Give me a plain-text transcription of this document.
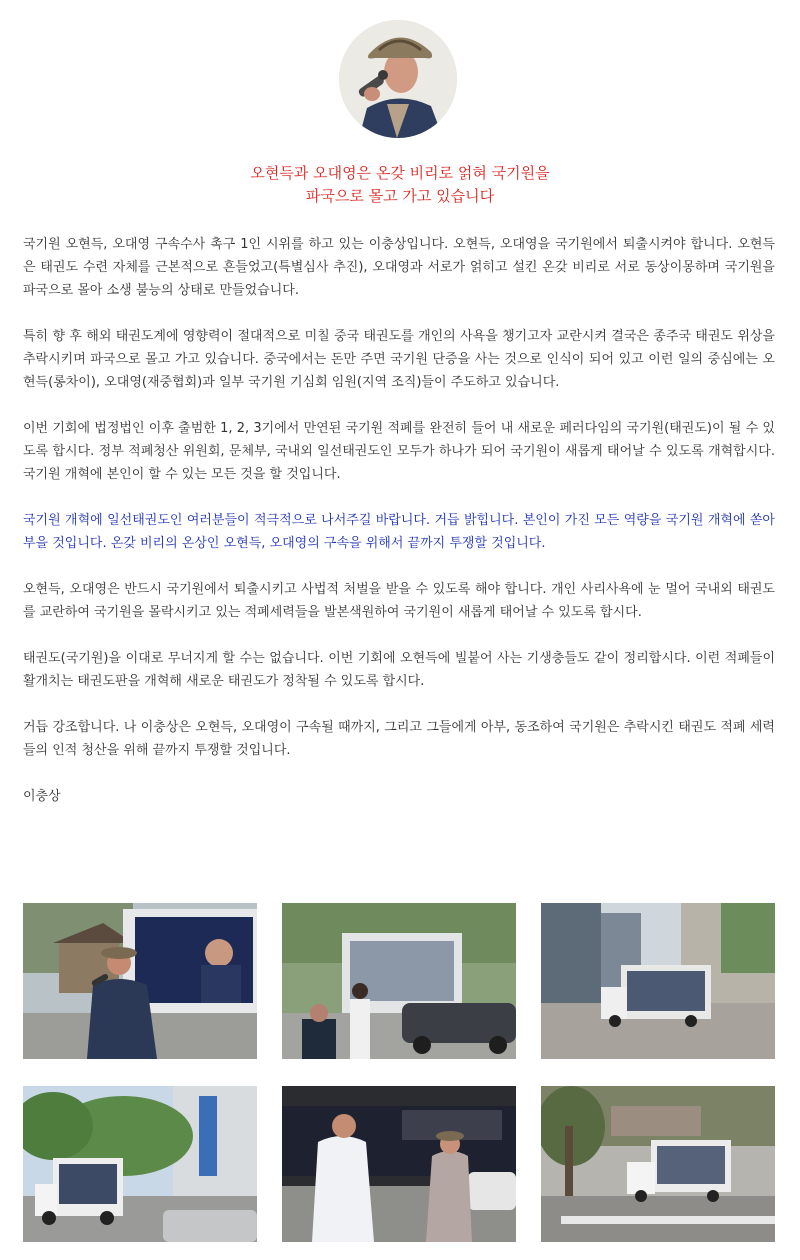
오현득과 오대영은 온갖 비리로 얽혀 국기원을
파국으로 몰고 가고 있습니다

국기원 오현득, 오대영 구속수사 촉구 1인 시위를 하고 있는 이충상입니다. 오현득, 오대영을 국기원에서 퇴출시켜야 합니다. 오현득은 태권도 수련 자체를 근본적으로 흔들었고(특별심사 추진), 오대영과 서로가 얽히고 설킨 온갖 비리로 서로 동상이몽하며 국기원을 파국으로 몰아 소생 불능의 상태로 만들었습니다.

특히 향 후 해외 태권도계에 영향력이 절대적으로 미칠 중국 태권도를 개인의 사욕을 챙기고자 교란시켜 결국은 종주국 태권도 위상을 추락시키며 파국으로 몰고 가고 있습니다. 중국에서는 돈만 주면 국기원 단증을 사는 것으로 인식이 되어 있고 이런 일의 중심에는 오현득(롱차이), 오대영(재중협회)과 일부 국기원 기심회 임원(지역 조직)들이 주도하고 있습니다.

이번 기회에 법정법인 이후 출범한 1, 2, 3기에서 만연된 국기원 적폐를 완전히 들어 내 새로운 페러다임의 국기원(태권도)이 될 수 있도록 합시다. 정부 적폐청산 위원회, 문체부, 국내외 일선태권도인 모두가 하나가 되어 국기원이 새롭게 태어날 수 있도록 개혁합시다. 국기원 개혁에 본인이 할 수 있는 모든 것을 할 것입니다.

국기원 개혁에 일선태권도인 여러분들이 적극적으로 나서주길 바랍니다. 거듭 밝힙니다. 본인이 가진 모든 역량을 국기원 개혁에 쏟아 부을 것입니다. 온갖 비리의 온상인 오현득, 오대영의 구속을 위해서 끝까지 투쟁할 것입니다.

오현득, 오대영은 반드시 국기원에서 퇴출시키고 사법적 처벌을 받을 수 있도록 해야 합니다. 개인 사리사욕에 눈 멀어 국내외 태권도를 교란하여 국기원을 몰락시키고 있는 적폐세력들을 발본색원하여 국기원이 새롭게 태어날 수 있도록 합시다.

태권도(국기원)을 이대로 무너지게 할 수는 없습니다. 이번 기회에 오현득에 빌붙어 사는 기생충들도 같이 정리합시다. 이런 적폐들이 활개치는 태권도판을 개혁해 새로운 태권도가 정착될 수 있도록 합시다.

거듭 강조합니다. 나 이충상은 오현득, 오대영이 구속될 때까지, 그리고 그들에게 아부, 동조하여 국기원은 추락시킨 태권도 적폐 세력들의 인적 청산을 위해 끝까지 투쟁할 것입니다.

이충상
